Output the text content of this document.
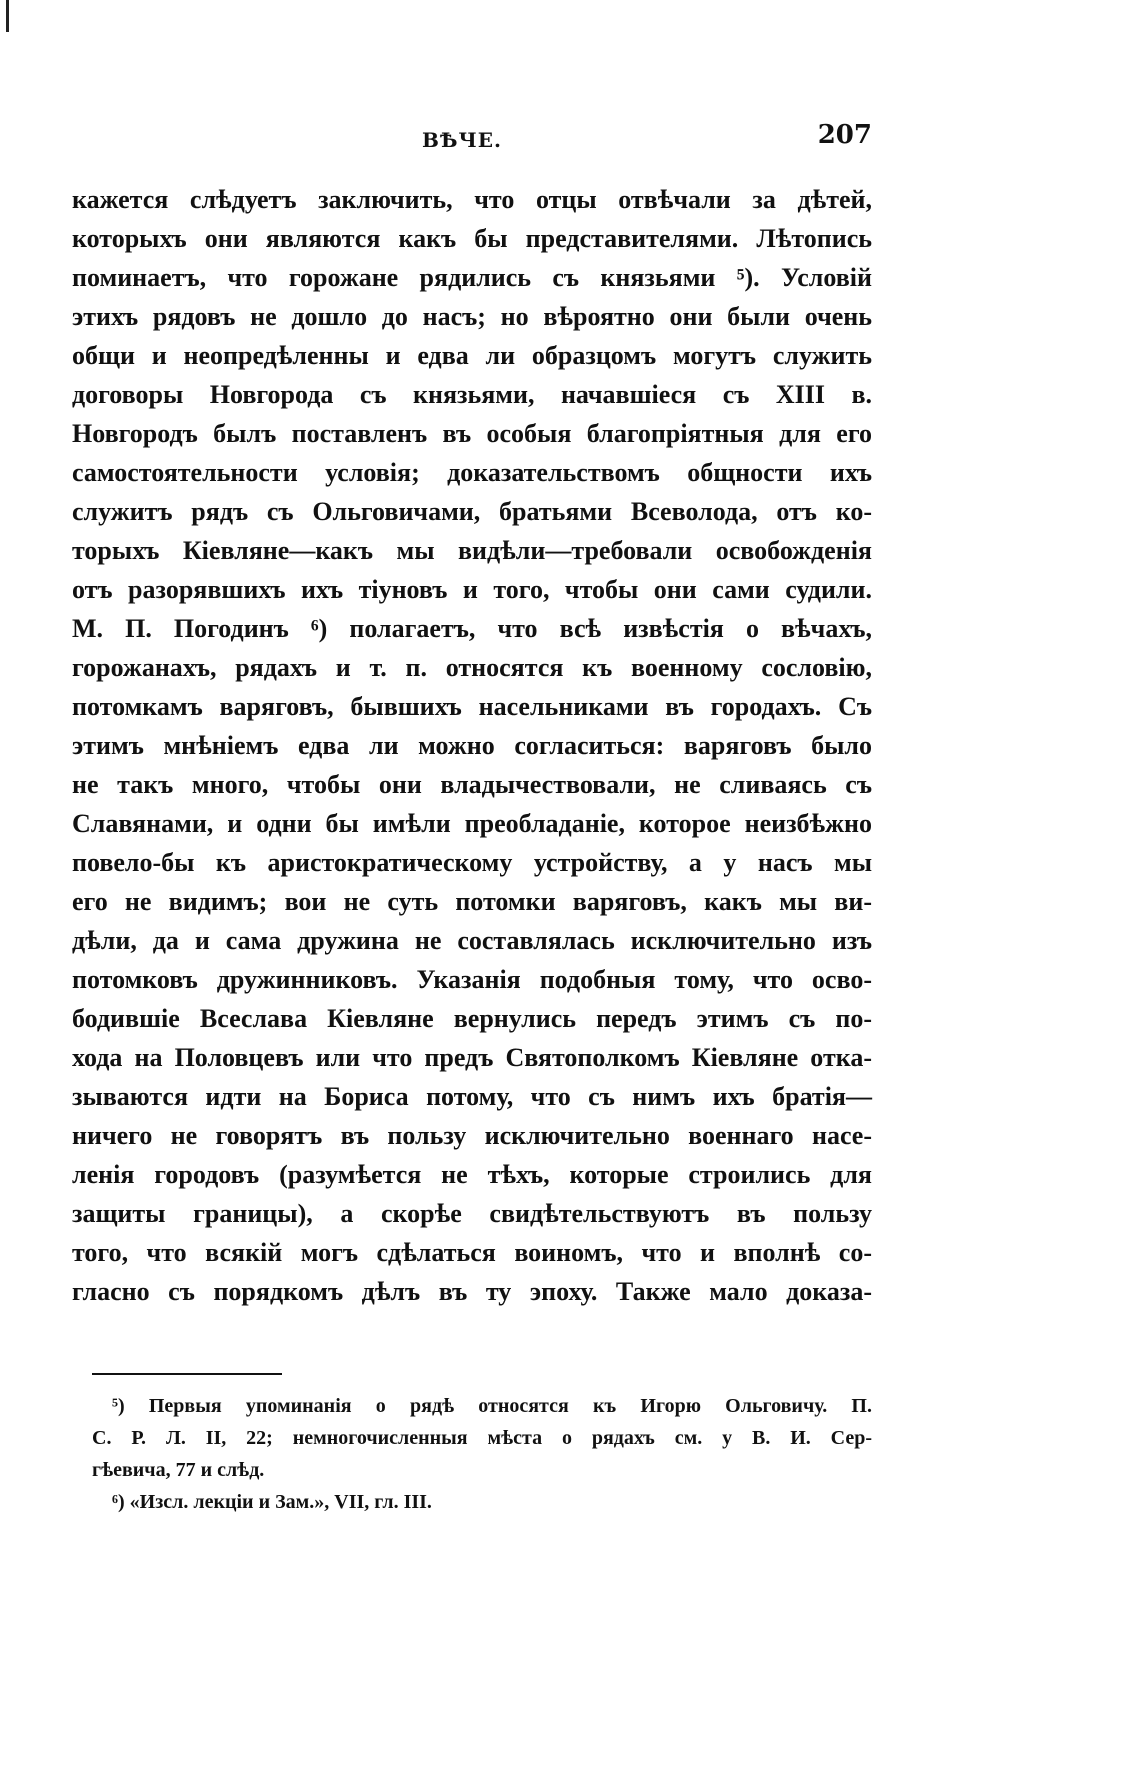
ВѢЧЕ.	207
кажется слѣдуетъ заключить, что отцы отвѣчали за дѣтей,
которыхъ они являются какъ бы представителями. Лѣтопись
поминаетъ, что горожане рядились съ князьями ⁵). Условій
этихъ рядовъ не дошло до насъ; но вѣроятно они были очень
общи и неопредѣленны и едва ли образцомъ могутъ служить
договоры Новгорода съ князьями, начавшіеся съ XIII в.
Новгородъ былъ поставленъ въ особыя благопріятныя для его
самостоятельности условія; доказательствомъ общности ихъ
служитъ рядъ съ Ольговичами, братьями Всеволода, отъ ко-
торыхъ Кіевляне—какъ мы видѣли—требовали освобожденія
отъ разорявшихъ ихъ тіуновъ и того, чтобы они сами судили.
М. П. Погодинъ ⁶) полагаетъ, что всѣ извѣстія о вѣчахъ,
горожанахъ, рядахъ и т. п. относятся къ военному сословію,
потомкамъ варяговъ, бывшихъ насельниками въ городахъ. Съ
этимъ мнѣніемъ едва ли можно согласиться: варяговъ было
не такъ много, чтобы они владычествовали, не сливаясь съ
Славянами, и одни бы имѣли преобладаніе, которое неизбѣжно
повело-бы къ аристократическому устройству, а у насъ мы
его не видимъ; вои не суть потомки варяговъ, какъ мы ви-
дѣли, да и сама дружина не составлялась исключительно изъ
потомковъ дружинниковъ. Указанія подобныя тому, что осво-
бодившіе Всеслава Кіевляне вернулись передъ этимъ съ по-
хода на Половцевъ или что предъ Святополкомъ Кіевляне отка-
зываются идти на Бориса потому, что съ нимъ ихъ братія—
ничего не говорятъ въ пользу исключительно военнаго насе-
ленія городовъ (разумѣется не тѣхъ, которые строились для
защиты границы), а скорѣе свидѣтельствуютъ въ пользу
того, что всякій могъ сдѣлаться воиномъ, что и вполнѣ со-
гласно съ порядкомъ дѣлъ въ ту эпоху. Также мало доказа-
⁵) Первыя упоминанія о рядѣ относятся къ Игорю Ольговичу. П.
С. Р. Л. II, 22; немногочисленныя мѣста о рядахъ см. у В. И. Сер-
гѣевича, 77 и слѣд.
⁶) «Изсл. лекціи и Зам.», VII, гл. III.
